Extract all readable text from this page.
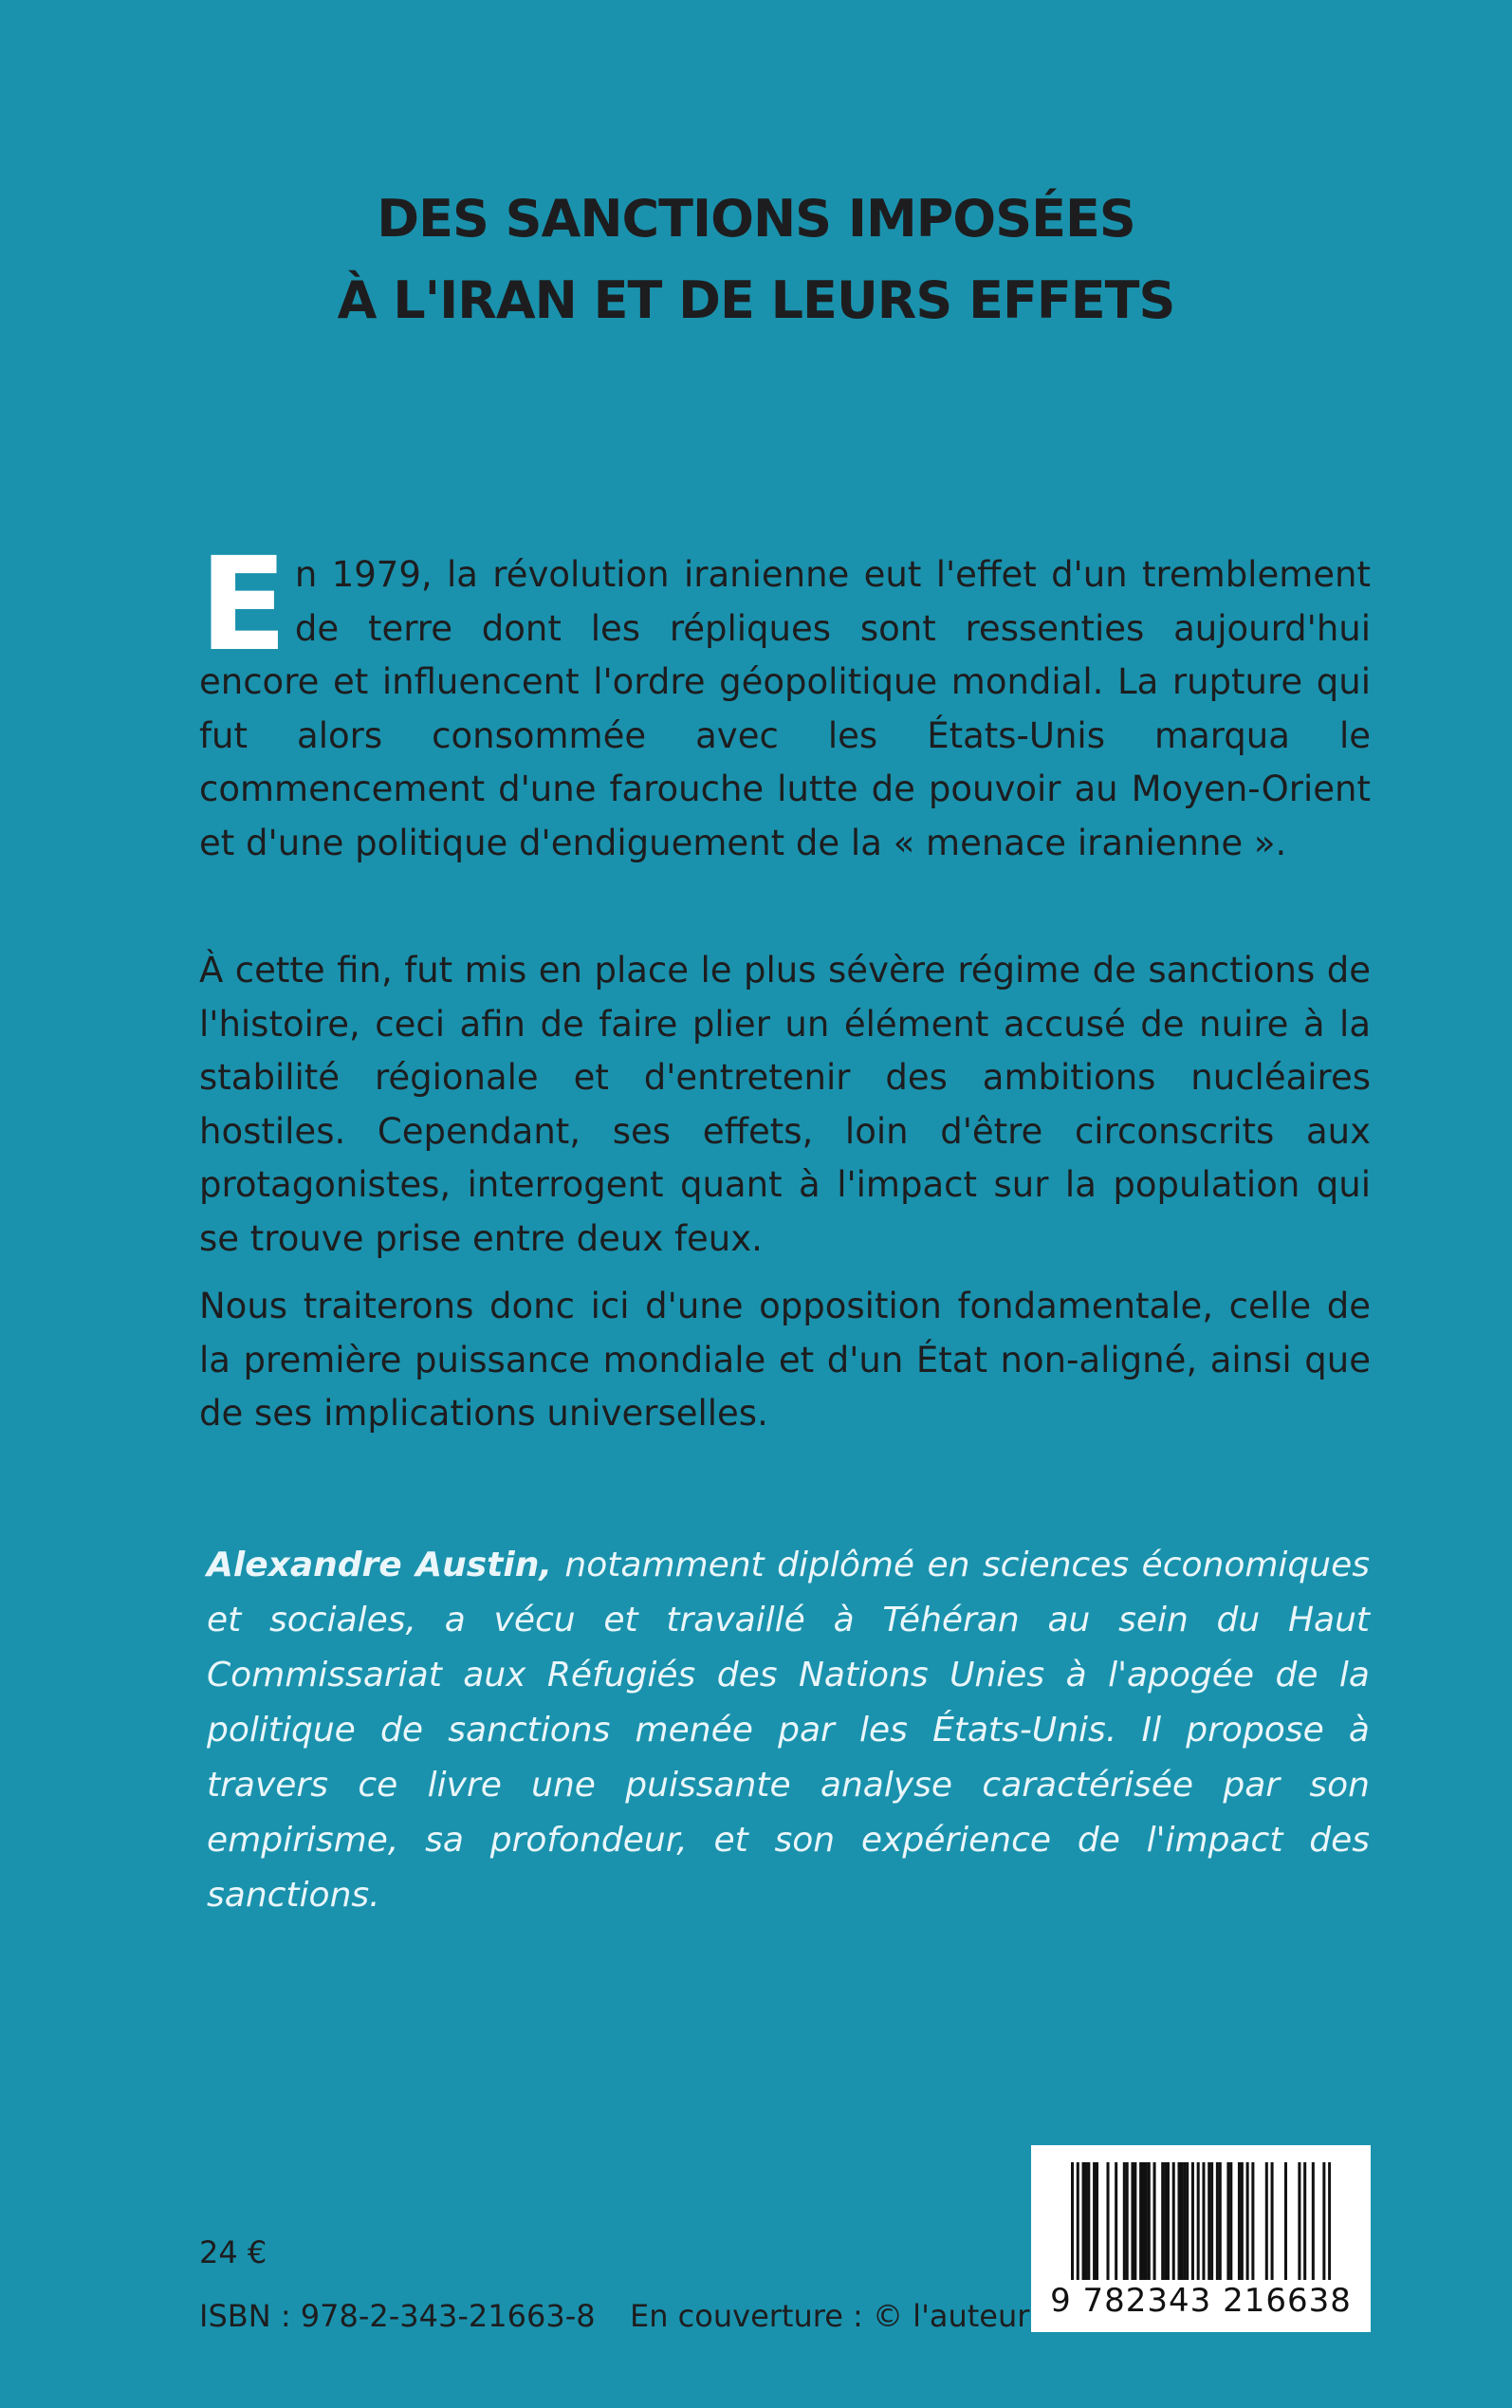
DES SANCTIONS IMPOSÉES
À L'IRAN ET DE LEURS EFFETS

En 1979, la révolution iranienne eut l'effet d'un tremblement de terre dont les répliques sont ressenties aujourd'hui encore et influencent l'ordre géopolitique mondial. La rupture qui fut alors consommée avec les États-Unis marqua le commencement d'une farouche lutte de pouvoir au Moyen-Orient et d'une politique d'endiguement de la « menace iranienne ».

À cette fin, fut mis en place le plus sévère régime de sanctions de l'histoire, ceci afin de faire plier un élément accusé de nuire à la stabilité régionale et d'entretenir des ambitions nucléaires hostiles. Cependant, ses effets, loin d'être circonscrits aux protagonistes, interrogent quant à l'impact sur la population qui se trouve prise entre deux feux.

Nous traiterons donc ici d'une opposition fondamentale, celle de la première puissance mondiale et d'un État non-aligné, ainsi que de ses implications universelles.

Alexandre Austin, notamment diplômé en sciences économiques et sociales, a vécu et travaillé à Téhéran au sein du Haut Commissariat aux Réfugiés des Nations Unies à l'apogée de la politique de sanctions menée par les États-Unis. Il propose à travers ce livre une puissante analyse caractérisée par son empirisme, sa profondeur, et son expérience de l'impact des sanctions.
24 €
ISBN : 978-2-343-21663-8 En couverture : © l'auteur 9 782343 216638
